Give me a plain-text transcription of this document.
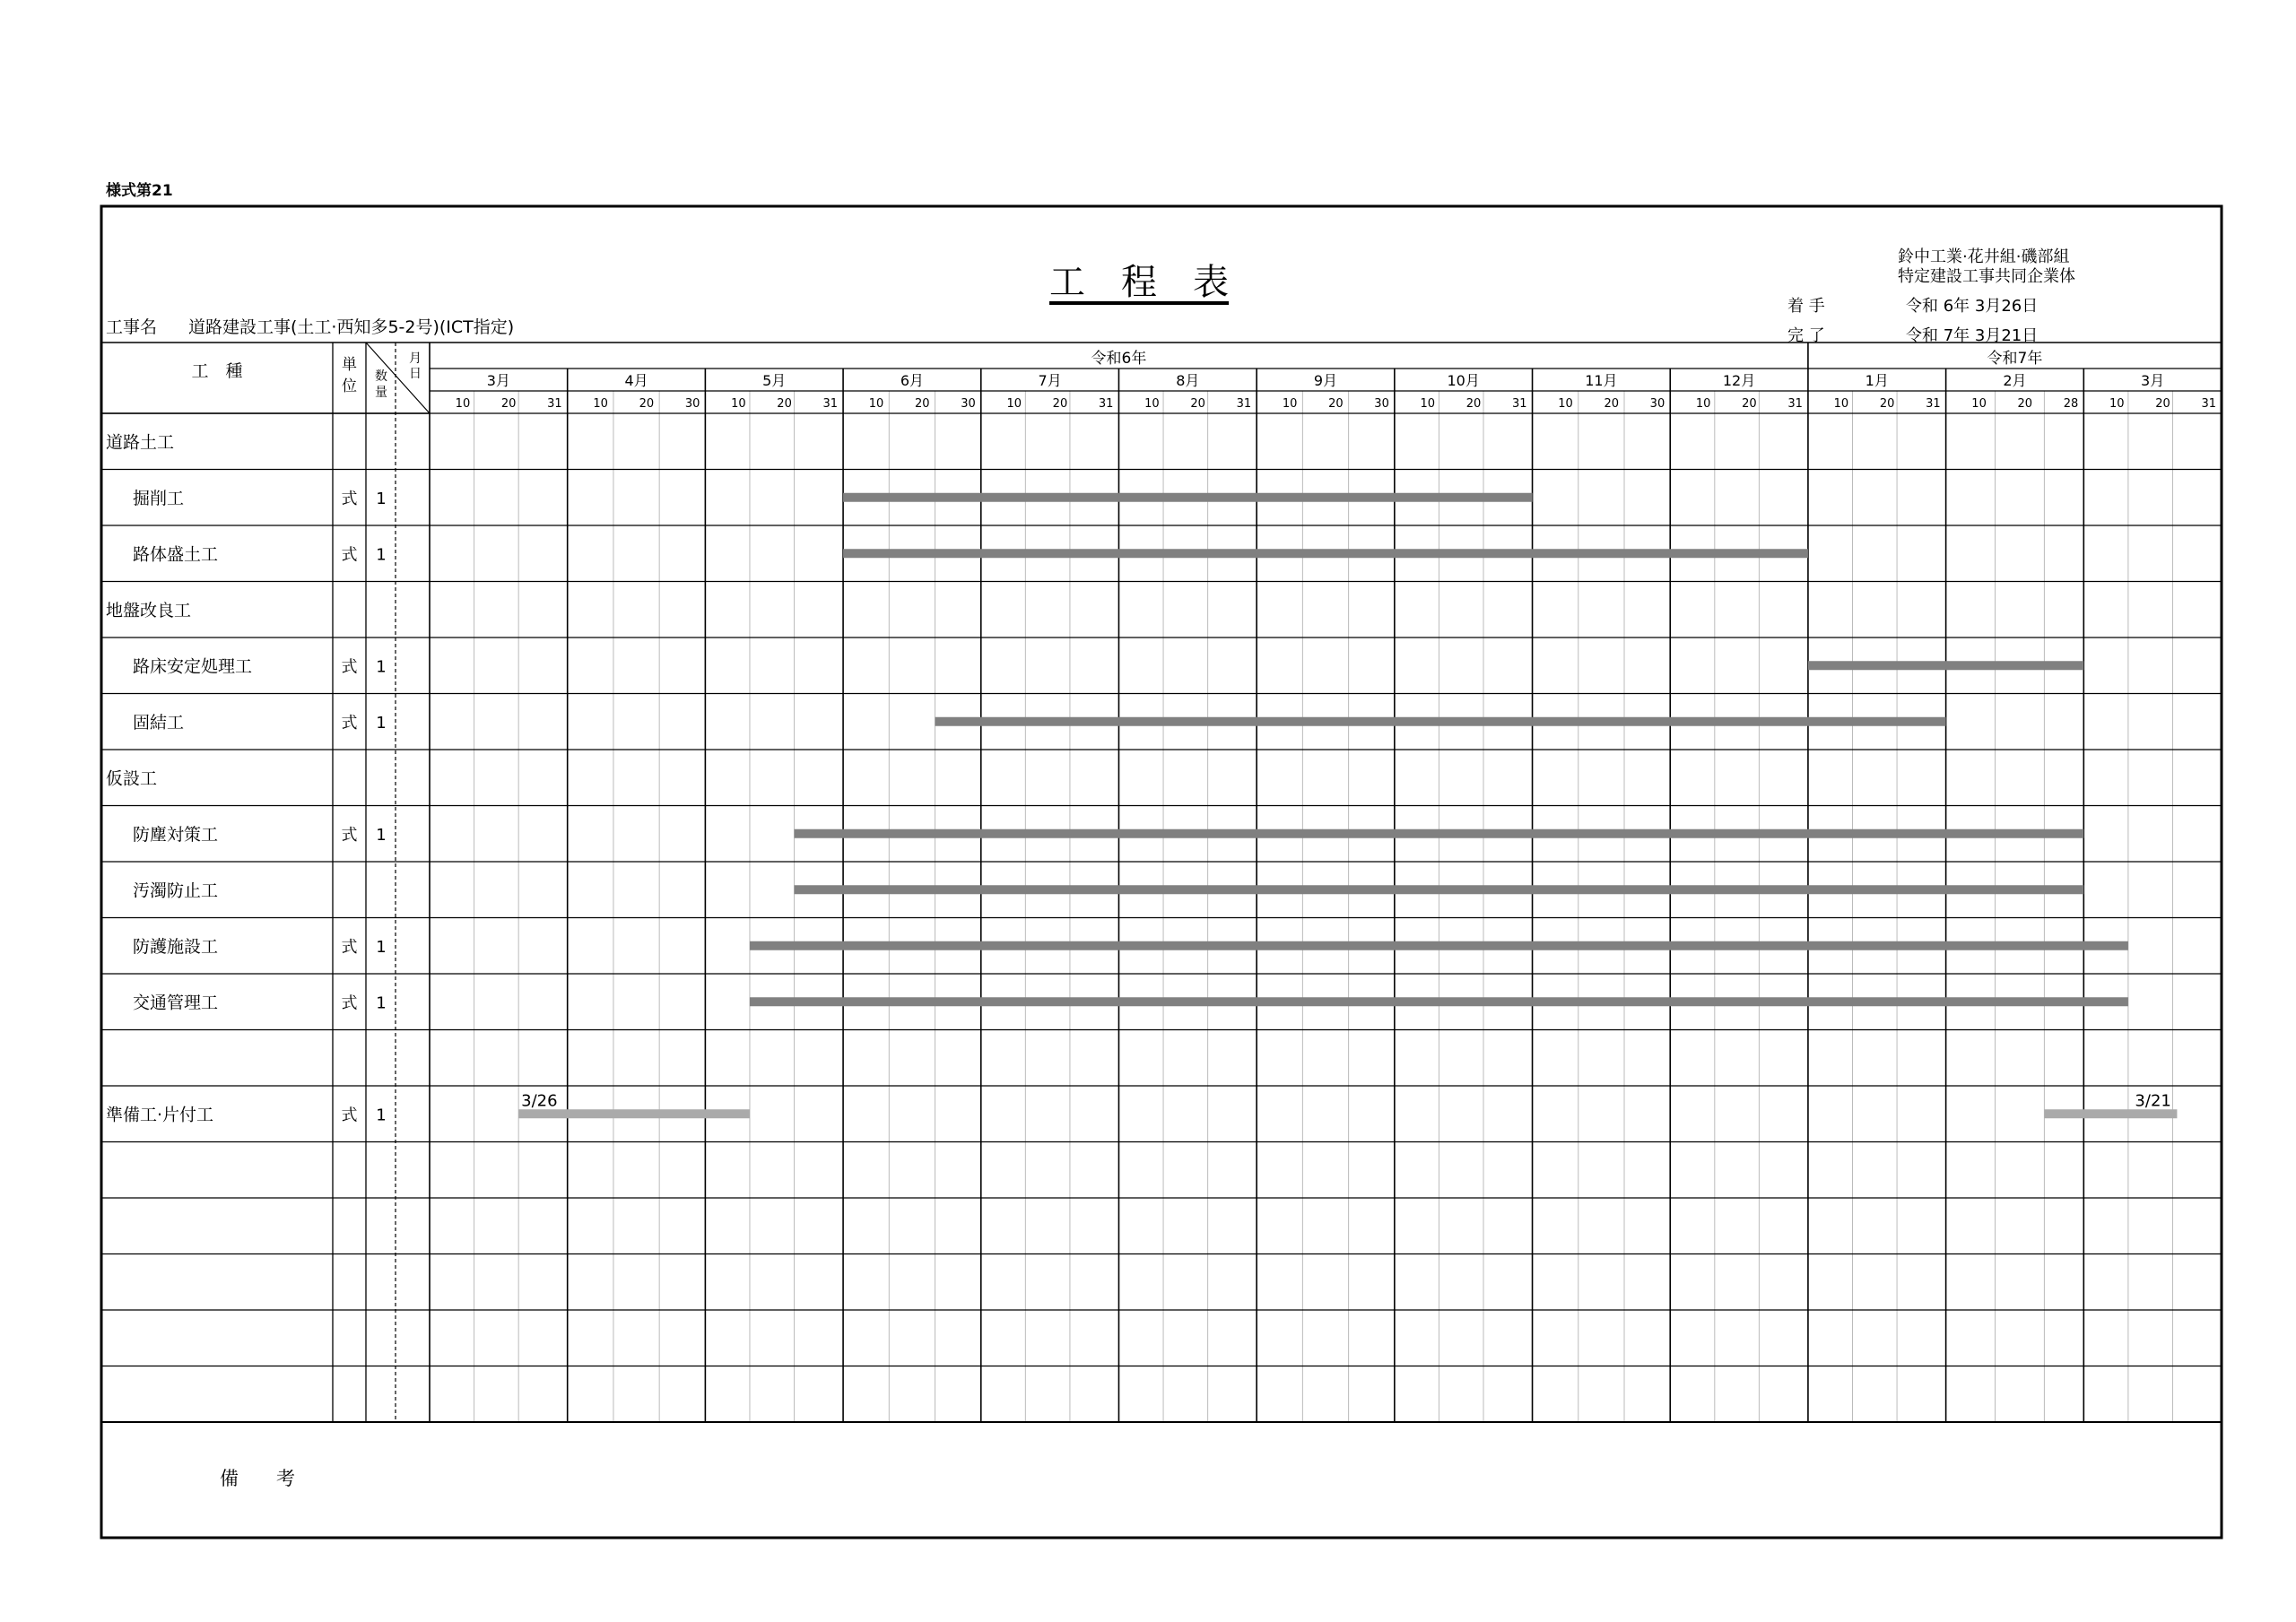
様式第21
工　程　表
鈴中工業·花井組·磯部組
特定建設工事共同企業体
工事名 道路建設工事(土工·西知多5-2号)(ICT指定)
着 手	令和 6年 3月26日
完 了	令和 7年 3月21日
備　　考
3月
10	20	31
4月
10	20	30
5月
10	20	31
6月
10	20	30
7月
10	20	31
8月
10	20	31
9月
10	20	30
10月
10	20	31
11月
10	20	30
12月
10	20	31
1月
10	20	31
2月
10	20	28
3月
10	20	31
令和6年	令和7年
道路土工
掘削工	式 1
路体盛土工	式 1
地盤改良工
路床安定処理工	式 1
固結工	式 1
仮設工
防塵対策工	式 1
汚濁防止工
防護施設工	式 1
交通管理工	式 1
準備工·片付工	式 1
3/26	3/21
工　種	単
位
数
量
月
日
